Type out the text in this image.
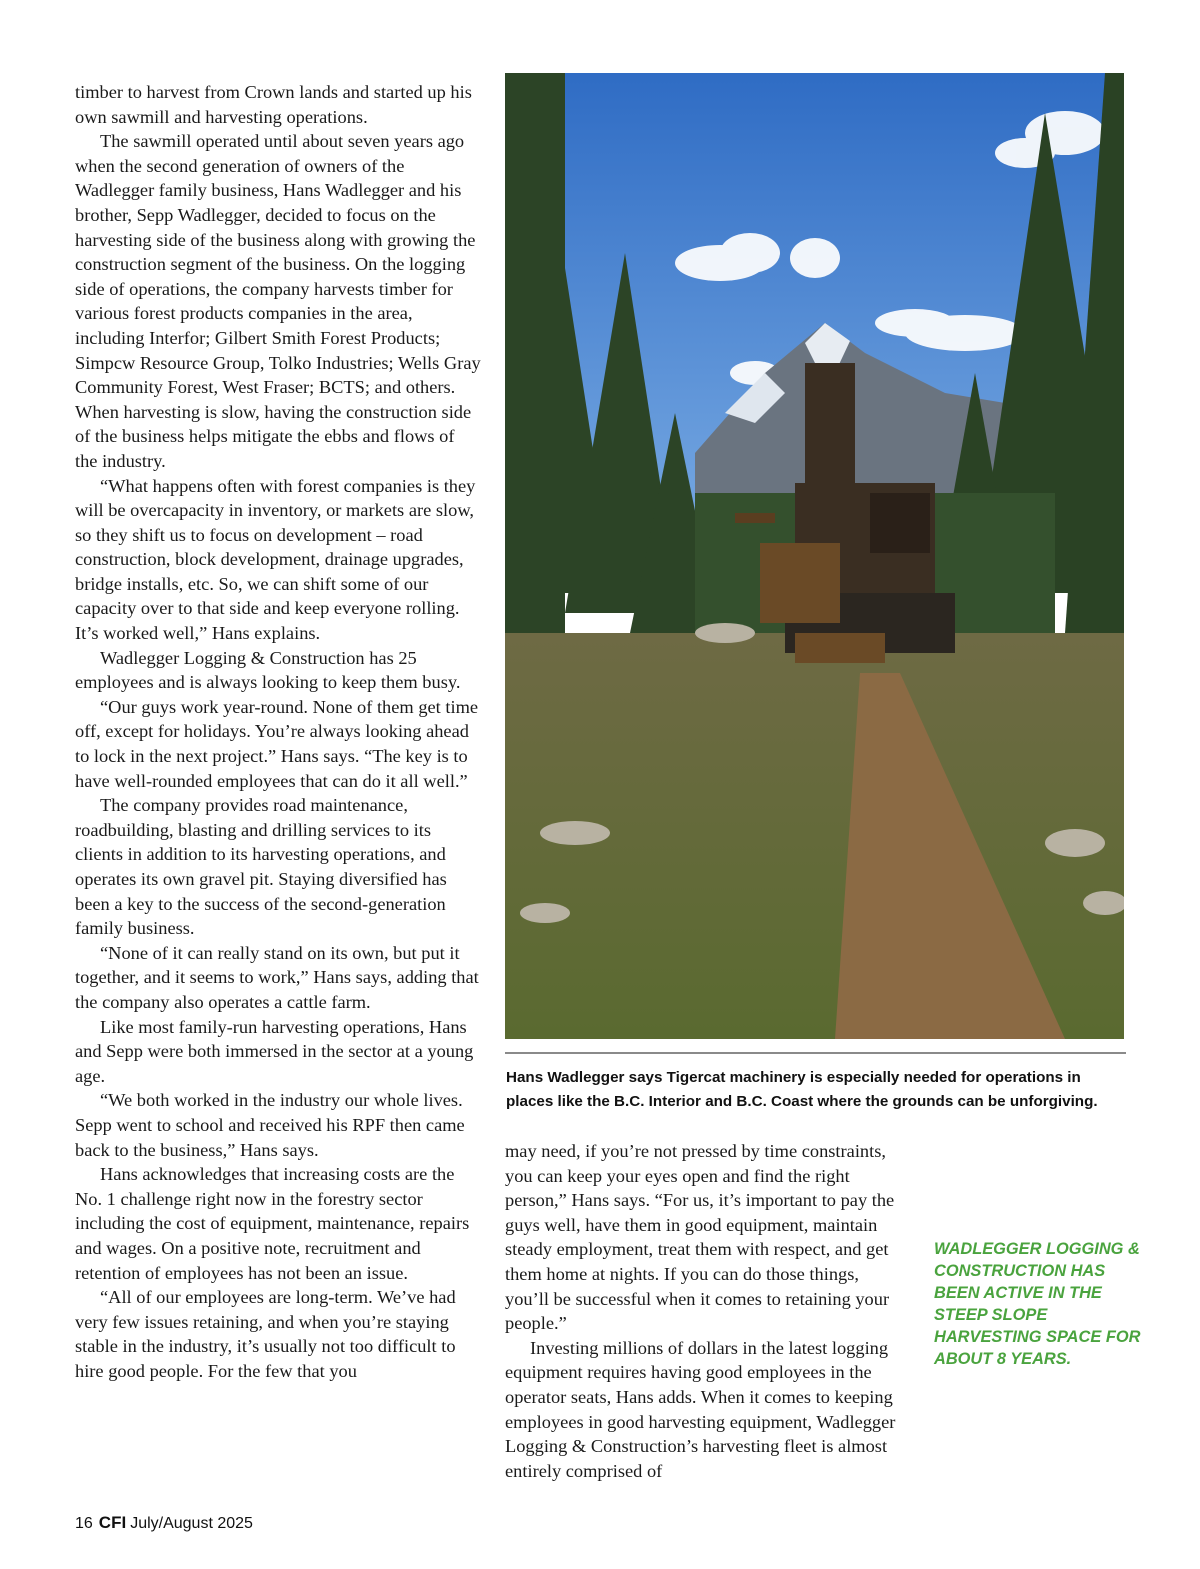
timber to harvest from Crown lands and started up his own sawmill and harvesting operations.

The sawmill operated until about seven years ago when the second generation of owners of the Wadlegger family business, Hans Wadlegger and his brother, Sepp Wadlegger, decided to focus on the harvesting side of the business along with growing the construction segment of the business. On the logging side of operations, the company harvests timber for various forest products companies in the area, including Interfor; Gilbert Smith Forest Products; Simpcw Resource Group, Tolko Industries; Wells Gray Community Forest, West Fraser; BCTS; and others. When harvesting is slow, having the construction side of the business helps mitigate the ebbs and flows of the industry.

“What happens often with forest companies is they will be overcapacity in inventory, or markets are slow, so they shift us to focus on development – road construction, block development, drainage upgrades, bridge installs, etc. So, we can shift some of our capacity over to that side and keep everyone rolling. It’s worked well,” Hans explains.

Wadlegger Logging & Construction has 25 employees and is always looking to keep them busy.

“Our guys work year-round. None of them get time off, except for holidays. You’re always looking ahead to lock in the next project.” Hans says. “The key is to have well-rounded employees that can do it all well.”

The company provides road maintenance, roadbuilding, blasting and drilling services to its clients in addition to its harvesting operations, and operates its own gravel pit. Staying diversified has been a key to the success of the second-generation family business.

“None of it can really stand on its own, but put it together, and it seems to work,” Hans says, adding that the company also operates a cattle farm.

Like most family-run harvesting operations, Hans and Sepp were both immersed in the sector at a young age.

“We both worked in the industry our whole lives. Sepp went to school and received his RPF then came back to the business,” Hans says.

Hans acknowledges that increasing costs are the No. 1 challenge right now in the forestry sector including the cost of equipment, maintenance, repairs and wages. On a positive note, recruitment and retention of employees has not been an issue.

“All of our employees are long-term. We’ve had very few issues retaining, and when you’re staying stable in the industry, it’s usually not too difficult to hire good people. For the few that you

Hans Wadlegger says Tigercat machinery is especially needed for operations in places like the B.C. Interior and B.C. Coast where the grounds can be unforgiving.

may need, if you’re not pressed by time constraints, you can keep your eyes open and find the right person,” Hans says. “For us, it’s important to pay the guys well, have them in good equipment, maintain steady employment, treat them with respect, and get them home at nights. If you can do those things, you’ll be successful when it comes to retaining your people.”

Investing millions of dollars in the latest logging equipment requires having good employees in the operator seats, Hans adds. When it comes to keeping employees in good harvesting equipment, Wadlegger Logging & Construction’s harvesting fleet is almost entirely comprised of

WADLEGGER LOGGING & CONSTRUCTION HAS BEEN ACTIVE IN THE STEEP SLOPE HARVESTING SPACE FOR ABOUT 8 YEARS.
16 CFI July/August 2025
